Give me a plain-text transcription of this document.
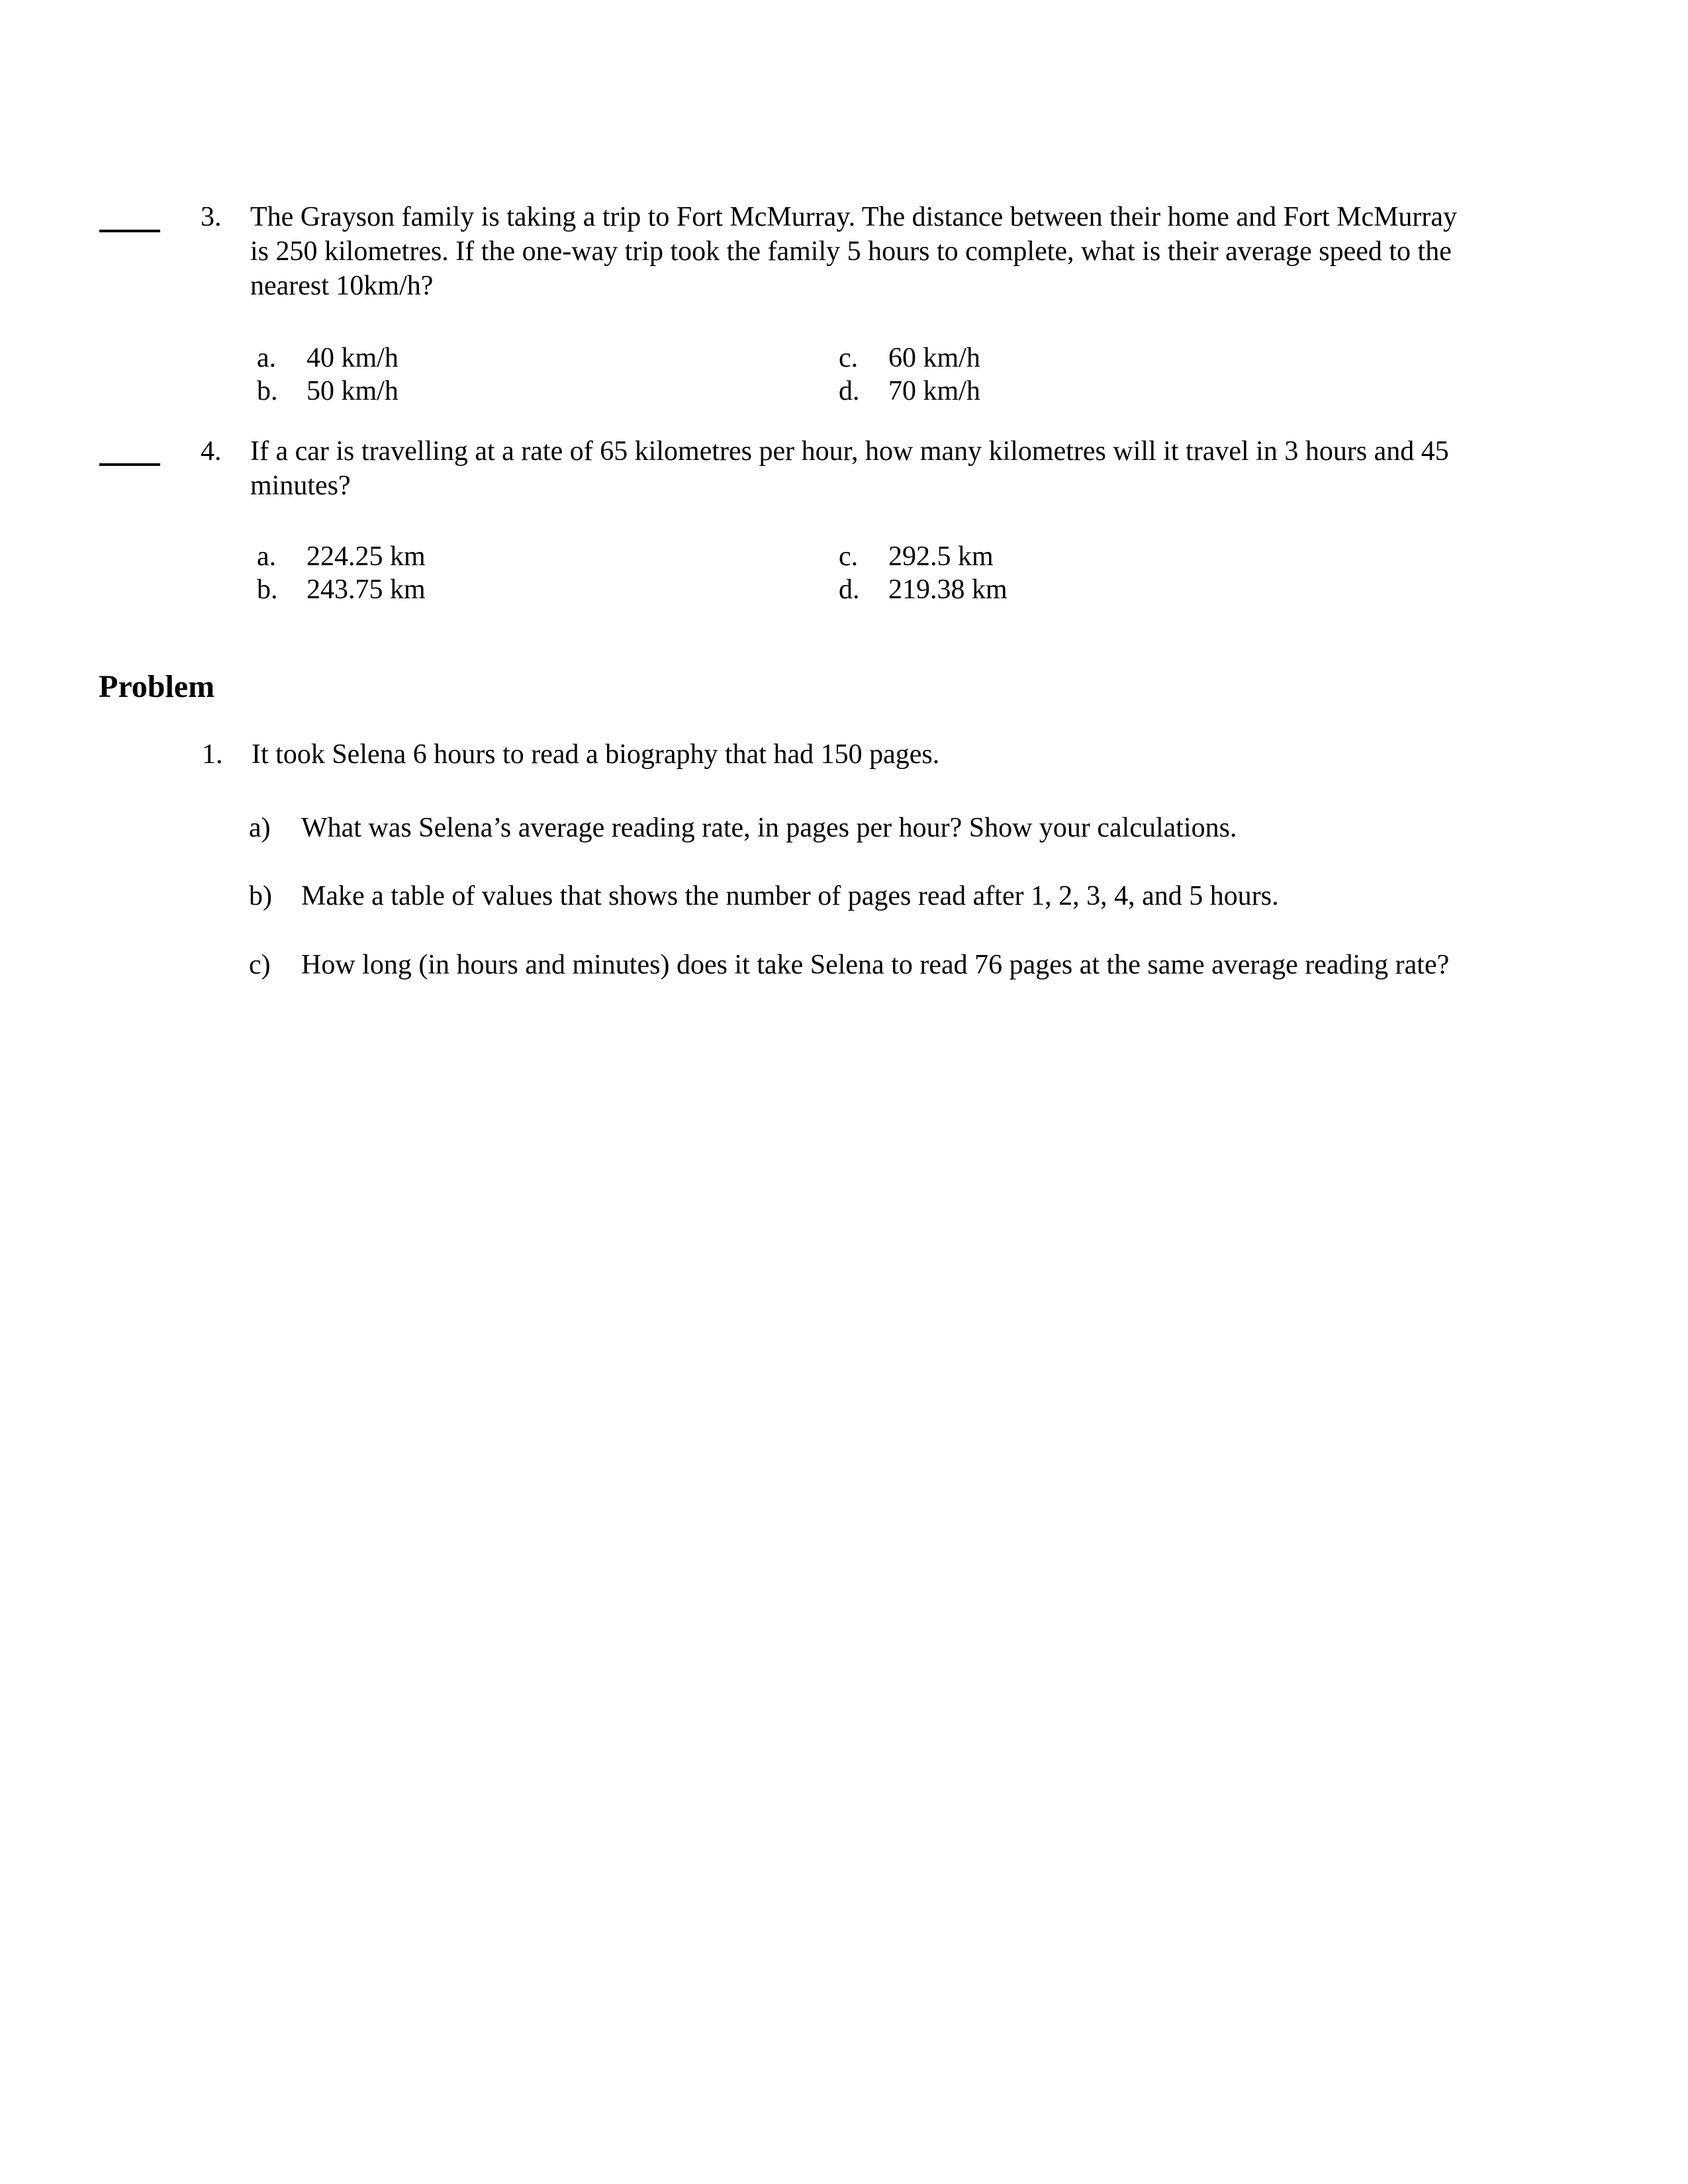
3. The Grayson family is taking a trip to Fort McMurray. The distance between their home and Fort McMurray
is 250 kilometres. If the one-way trip took the family 5 hours to complete, what is their average speed to the
nearest 10km/h?
a.	40 km/h	c.	60 km/h
b.	50 km/h	d.	70 km/h
4. If a car is travelling at a rate of 65 kilometres per hour, how many kilometres will it travel in 3 hours and 45
minutes?
a.	224.25 km	c.	292.5 km
b.	243.75 km	d.	219.38 km
Problem
1.	It took Selena 6 hours to read a biography that had 150 pages.
a)	What was Selena’s average reading rate, in pages per hour? Show your calculations.
b)	Make a table of values that shows the number of pages read after 1, 2, 3, 4, and 5 hours.
c)	How long (in hours and minutes) does it take Selena to read 76 pages at the same average reading rate?
